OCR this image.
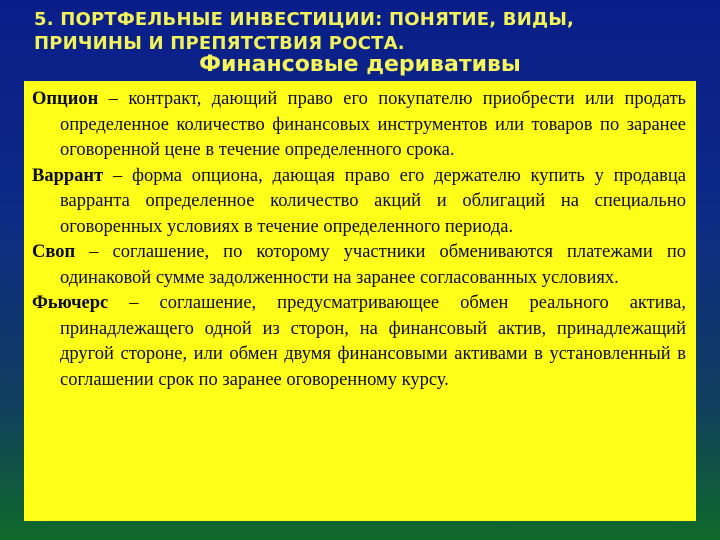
5. ПОРТФЕЛЬНЫЕ ИНВЕСТИЦИИ: ПОНЯТИЕ, ВИДЫ, ПРИЧИНЫ И ПРЕПЯТСТВИЯ РОСТА.
Финансовые деривативы

Опцион – контракт, дающий право его покупателю приобрести или продать определенное количество финансовых инструментов или товаров по заранее оговоренной цене в течение определенного срока.

Варрант – форма опциона, дающая право его держателю купить у продавца варранта определенное количество акций и облигаций на специально оговоренных условиях в течение определенного периода.

Своп – соглашение, по которому участники обмениваются платежами по одинаковой сумме задолженности на заранее согласованных условиях.

Фьючерс – соглашение, предусматривающее обмен реального актива, принадлежащего одной из сторон, на финансовый актив, принадлежащий другой стороне, или обмен двумя финансовыми активами в установленный в соглашении срок по заранее оговоренному курсу.
